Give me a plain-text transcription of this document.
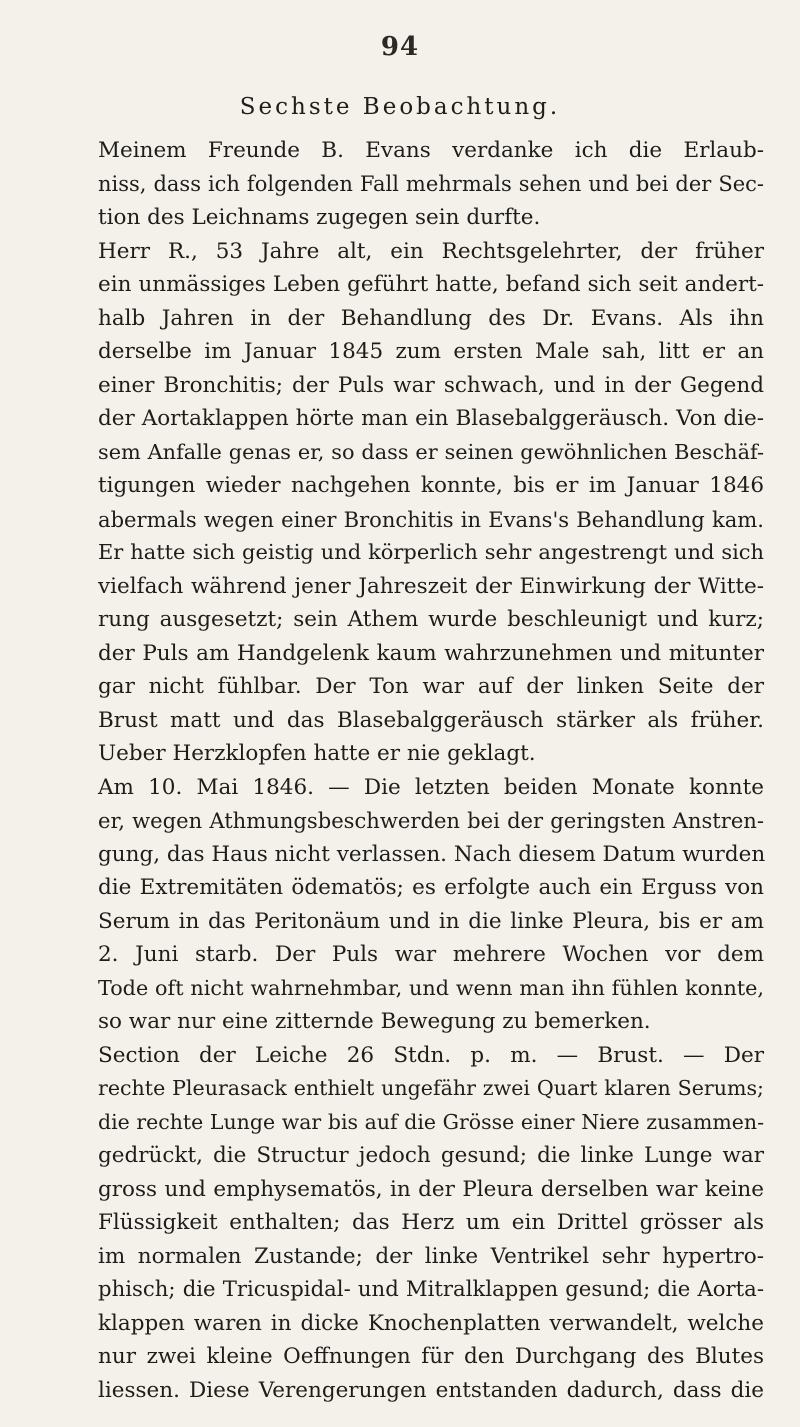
94
Sechste Beobachtung.

Meinem Freunde B. Evans verdanke ich die Erlaub-
niss, dass ich folgenden Fall mehrmals sehen und bei der Sec-
tion des Leichnams zugegen sein durfte.

Herr R., 53 Jahre alt, ein Rechtsgelehrter, der früher
ein unmässiges Leben geführt hatte, befand sich seit andert-
halb Jahren in der Behandlung des Dr. Evans. Als ihn
derselbe im Januar 1845 zum ersten Male sah, litt er an
einer Bronchitis; der Puls war schwach, und in der Gegend
der Aortaklappen hörte man ein Blasebalggeräusch. Von die-
sem Anfalle genas er, so dass er seinen gewöhnlichen Beschäf-
tigungen wieder nachgehen konnte, bis er im Januar 1846
abermals wegen einer Bronchitis in Evans's Behandlung kam.
Er hatte sich geistig und körperlich sehr angestrengt und sich
vielfach während jener Jahreszeit der Einwirkung der Witte-
rung ausgesetzt; sein Athem wurde beschleunigt und kurz;
der Puls am Handgelenk kaum wahrzunehmen und mitunter
gar nicht fühlbar. Der Ton war auf der linken Seite der
Brust matt und das Blasebalggeräusch stärker als früher.
Ueber Herzklopfen hatte er nie geklagt.

Am 10. Mai 1846. — Die letzten beiden Monate konnte
er, wegen Athmungsbeschwerden bei der geringsten Anstren-
gung, das Haus nicht verlassen. Nach diesem Datum wurden
die Extremitäten ödematös; es erfolgte auch ein Erguss von
Serum in das Peritonäum und in die linke Pleura, bis er am
2. Juni starb. Der Puls war mehrere Wochen vor dem
Tode oft nicht wahrnehmbar, und wenn man ihn fühlen konnte,
so war nur eine zitternde Bewegung zu bemerken.

Section der Leiche 26 Stdn. p. m. — Brust. — Der
rechte Pleurasack enthielt ungefähr zwei Quart klaren Serums;
die rechte Lunge war bis auf die Grösse einer Niere zusammen-
gedrückt, die Structur jedoch gesund; die linke Lunge war
gross und emphysematös, in der Pleura derselben war keine
Flüssigkeit enthalten; das Herz um ein Drittel grösser als
im normalen Zustande; der linke Ventrikel sehr hypertro-
phisch; die Tricuspidal- und Mitralklappen gesund; die Aorta-
klappen waren in dicke Knochenplatten verwandelt, welche
nur zwei kleine Oeffnungen für den Durchgang des Blutes
liessen. Diese Verengerungen entstanden dadurch, dass die
